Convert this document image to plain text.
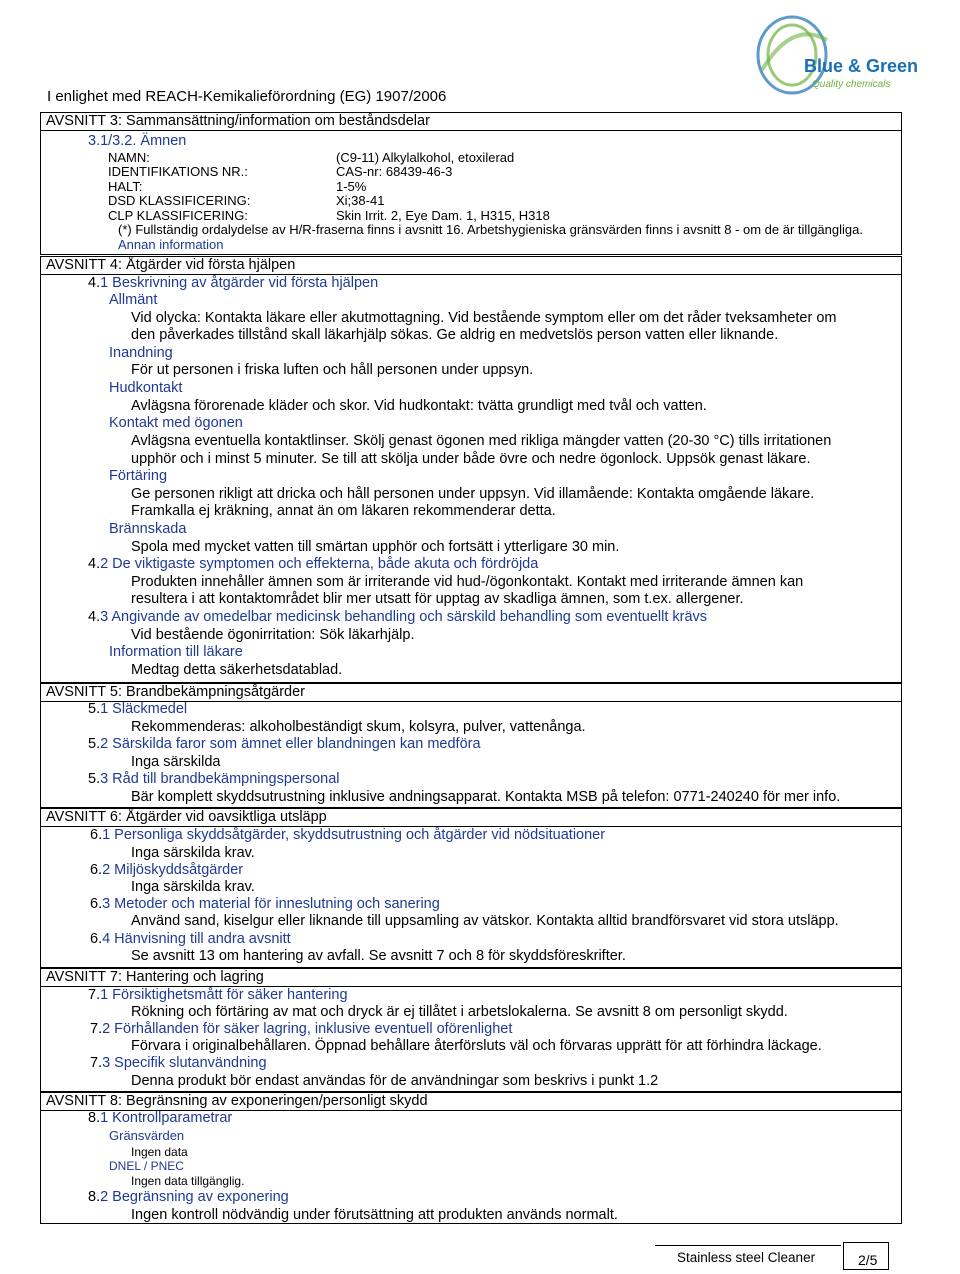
I enlighet med REACH-Kemikalieförordning (EG) 1907/2006
Blue & Green
Quality chemicals
AVSNITT 3: Sammansättning/information om beståndsdelar
3.1/3.2. Ämnen
NAMN:	(C9-11) Alkylalkohol, etoxilerad
IDENTIFIKATIONS NR.:	CAS-nr: 68439-46-3
HALT:	1-5%
DSD KLASSIFICERING:	Xi;38-41
CLP KLASSIFICERING:	Skin Irrit. 2, Eye Dam. 1, H315, H318
(*) Fullständig ordalydelse av H/R-fraserna finns i avsnitt 16. Arbetshygieniska gränsvärden finns i avsnitt 8 - om de är tillgängliga.
Annan information
AVSNITT 4: Åtgärder vid första hjälpen
4.1 Beskrivning av åtgärder vid första hjälpen
Allmänt
Vid olycka: Kontakta läkare eller akutmottagning. Vid bestående symptom eller om det råder tveksamheter om
den påverkades tillstånd skall läkarhjälp sökas. Ge aldrig en medvetslös person vatten eller liknande.
Inandning
För ut personen i friska luften och håll personen under uppsyn.
Hudkontakt
Avlägsna förorenade kläder och skor. Vid hudkontakt: tvätta grundligt med tvål och vatten.
Kontakt med ögonen
Avlägsna eventuella kontaktlinser. Skölj genast ögonen med rikliga mängder vatten (20-30 °C) tills irritationen
upphör och i minst 5 minuter. Se till att skölja under både övre och nedre ögonlock. Uppsök genast läkare.
Förtäring
Ge personen rikligt att dricka och håll personen under uppsyn. Vid illamående: Kontakta omgående läkare.
Framkalla ej kräkning, annat än om läkaren rekommenderar detta.
Brännskada
Spola med mycket vatten till smärtan upphör och fortsätt i ytterligare 30 min.
4.2 De viktigaste symptomen och effekterna, både akuta och fördröjda
Produkten innehåller ämnen som är irriterande vid hud-/ögonkontakt. Kontakt med irriterande ämnen kan
resultera i att kontaktområdet blir mer utsatt för upptag av skadliga ämnen, som t.ex. allergener.
4.3 Angivande av omedelbar medicinsk behandling och särskild behandling som eventuellt krävs
Vid bestående ögonirritation: Sök läkarhjälp.
Information till läkare
Medtag detta säkerhetsdatablad.
AVSNITT 5: Brandbekämpningsåtgärder
5.1 Släckmedel
Rekommenderas: alkoholbeständigt skum, kolsyra, pulver, vattenånga.
5.2 Särskilda faror som ämnet eller blandningen kan medföra
Inga särskilda
5.3 Råd till brandbekämpningspersonal
Bär komplett skyddsutrustning inklusive andningsapparat. Kontakta MSB på telefon: 0771-240240 för mer info.
AVSNITT 6: Åtgärder vid oavsiktliga utsläpp
6.1 Personliga skyddsåtgärder, skyddsutrustning och åtgärder vid nödsituationer
Inga särskilda krav.
6.2 Miljöskyddsåtgärder
Inga särskilda krav.
6.3 Metoder och material för inneslutning och sanering
Använd sand, kiselgur eller liknande till uppsamling av vätskor. Kontakta alltid brandförsvaret vid stora utsläpp.
6.4 Hänvisning till andra avsnitt
Se avsnitt 13 om hantering av avfall. Se avsnitt 7 och 8 för skyddsföreskrifter.
AVSNITT 7: Hantering och lagring
7.1 Försiktighetsmått för säker hantering
Rökning och förtäring av mat och dryck är ej tillåtet i arbetslokalerna. Se avsnitt 8 om personligt skydd.
7.2 Förhållanden för säker lagring, inklusive eventuell oförenlighet
Förvara i originalbehållaren. Öppnad behållare återförsluts väl och förvaras upprätt för att förhindra läckage.
7.3 Specifik slutanvändning
Denna produkt bör endast användas för de användningar som beskrivs i punkt 1.2
AVSNITT 8: Begränsning av exponeringen/personligt skydd
8.1 Kontrollparametrar
Gränsvärden
Ingen data
DNEL / PNEC
Ingen data tillgänglig.
8.2 Begränsning av exponering
Ingen kontroll nödvändig under förutsättning att produkten används normalt.
Stainless steel Cleaner	2/5
